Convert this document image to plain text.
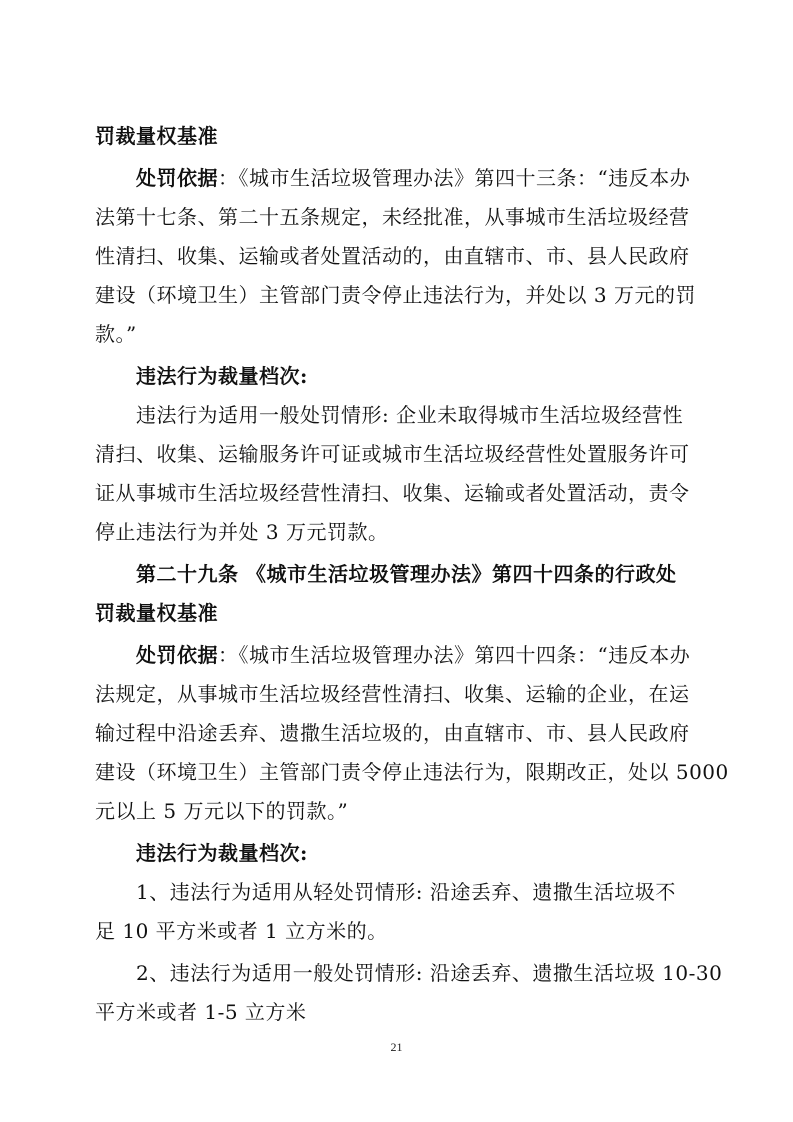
罚裁量权基准
处罚依据：《城市生活垃圾管理办法》第四十三条：“违反本办
法第十七条、第二十五条规定，未经批准，从事城市生活垃圾经营
性清扫、收集、运输或者处置活动的，由直辖市、市、县人民政府
建设（环境卫生）主管部门责令停止违法行为，并处以 3 万元的罚
款。”
违法行为裁量档次:
违法行为适用一般处罚情形: 企业未取得城市生活垃圾经营性
清扫、收集、运输服务许可证或城市生活垃圾经营性处置服务许可
证从事城市生活垃圾经营性清扫、收集、运输或者处置活动，责令
停止违法行为并处 3 万元罚款。
第二十九条 《城市生活垃圾管理办法》第四十四条的行政处
罚裁量权基准
处罚依据：《城市生活垃圾管理办法》第四十四条：“违反本办
法规定，从事城市生活垃圾经营性清扫、收集、运输的企业，在运
输过程中沿途丢弃、遗撒生活垃圾的，由直辖市、市、县人民政府
建设（环境卫生）主管部门责令停止违法行为，限期改正，处以 5000
元以上 5 万元以下的罚款。”
违法行为裁量档次:
1、违法行为适用从轻处罚情形: 沿途丢弃、遗撒生活垃圾不
足 10 平方米或者 1 立方米的。
2、违法行为适用一般处罚情形: 沿途丢弃、遗撒生活垃圾 10-30
平方米或者 1-5 立方米
21
